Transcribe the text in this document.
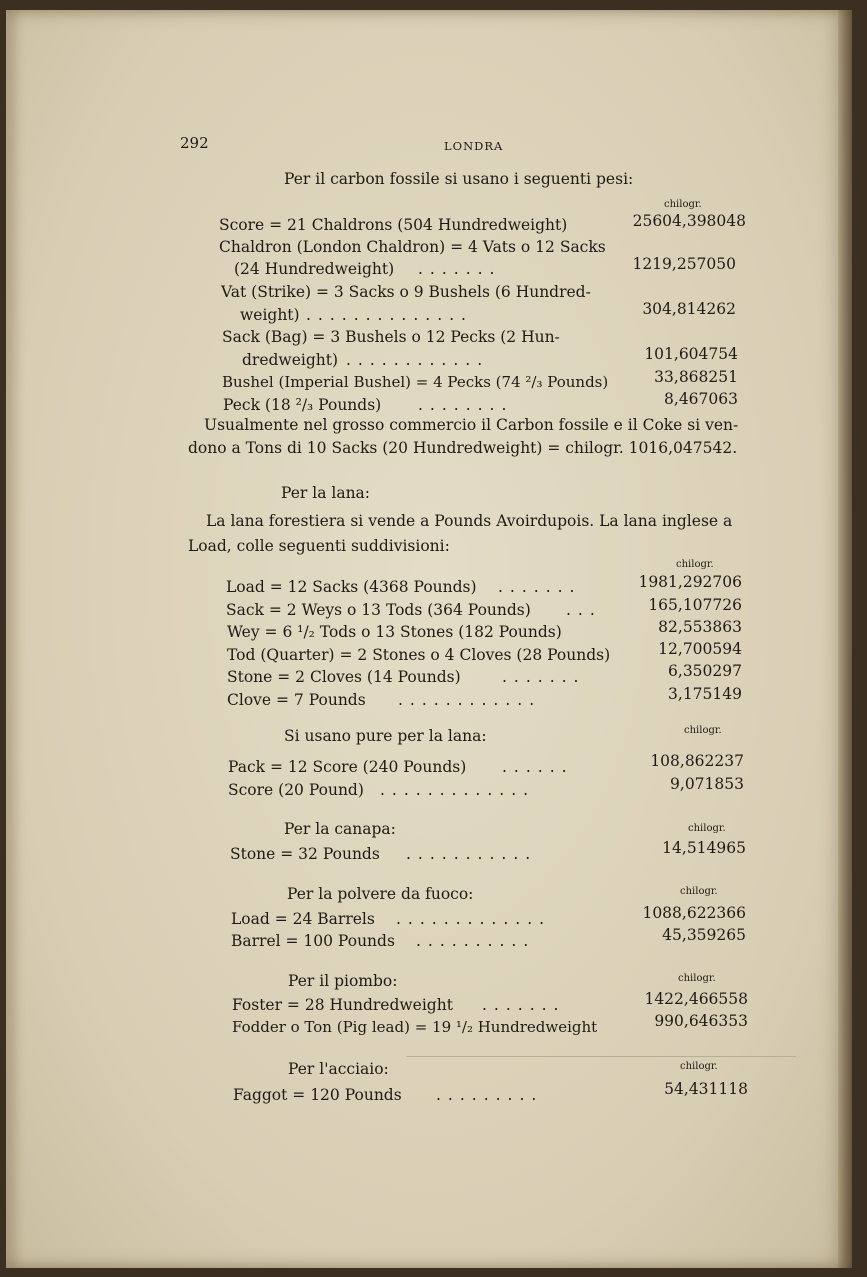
292	LONDRA
Per il carbon fossile si usano i seguenti pesi:
chilogr.
Score = 21 Chaldrons (504 Hundredweight)	25604,398048
Chaldron (London Chaldron) = 4 Vats o 12 Sacks
(24 Hundredweight) .......	1219,257050
Vat (Strike) = 3 Sacks o 9 Bushels (6 Hundred-
weight) ..............	304,814262
Sack (Bag) = 3 Bushels o 12 Pecks (2 Hun-
dredweight) ............	101,604754
Bushel (Imperial Bushel) = 4 Pecks (74 ²/₃ Pounds)	33,868251
Peck (18 ²/₃ Pounds) ........	8,467063
Usualmente nel grosso commercio il Carbon fossile e il Coke si ven-
dono a Tons di 10 Sacks (20 Hundredweight) = chilogr. 1016,047542.
Per la lana:
La lana forestiera si vende a Pounds Avoirdupois. La lana inglese a
Load, colle seguenti suddivisioni:
chilogr.
Load = 12 Sacks (4368 Pounds) .......	1981,292706
Sack = 2 Weys o 13 Tods (364 Pounds) ...	165,107726
Wey = 6 ¹/₂ Tods o 13 Stones (182 Pounds)	82,553863
Tod (Quarter) = 2 Stones o 4 Cloves (28 Pounds)	12,700594
Stone = 2 Cloves (14 Pounds)	.......	6,350297
Clove = 7 Pounds ............	3,175149
Si usano pure per la lana:	chilogr.
Pack = 12 Score (240 Pounds) ......	108,862237
Score (20 Pound) .............	9,071853
Per la canapa:	chilogr.
Stone = 32 Pounds ...........	14,514965
Per la polvere da fuoco:	chilogr.
Load = 24 Barrels .............	1088,622366
Barrel = 100 Pounds ..........	45,359265
Per il piombo:	chilogr.
Foster = 28 Hundredweight .......	1422,466558
Fodder o Ton (Pig lead) = 19 ¹/₂ Hundredweight	990,646353
Per l'acciaio:	chilogr.
Faggot = 120 Pounds .........	54,431118
